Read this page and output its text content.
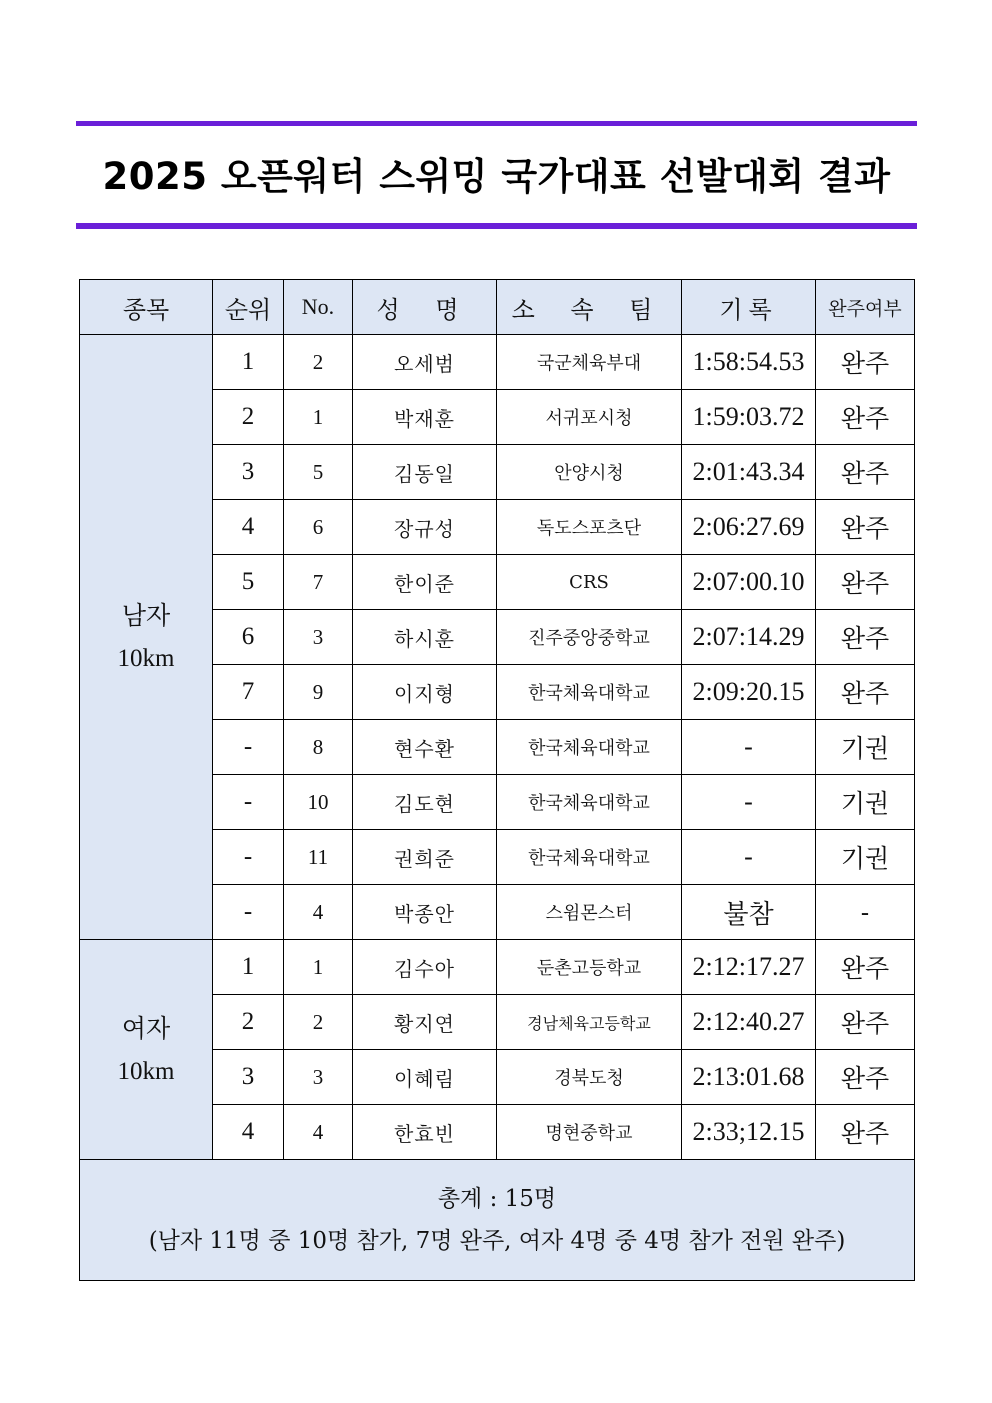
2025 오픈워터 스위밍 국가대표 선발대회 결과
종목	순위	No.	성 명	소 속 팀	기록	완주여부

남자
10km	1	2	오세범	국군체육부대	1:58:54.53	완주
	2	1	박재훈	서귀포시청	1:59:03.72	완주
	3	5	김동일	안양시청	2:01:43.34	완주
	4	6	장규성	독도스포츠단	2:06:27.69	완주
	5	7	한이준	CRS	2:07:00.10	완주
	6	3	하시훈	진주중앙중학교	2:07:14.29	완주
	7	9	이지형	한국체육대학교	2:09:20.15	완주
	-	8	현수환	한국체육대학교	-	기권
	-	10	김도현	한국체육대학교	-	기권
	-	11	권희준	한국체육대학교	-	기권
	-	4	박종안	스윔몬스터	불참	-

여자
10km	1	1	김수아	둔촌고등학교	2:12:17.27	완주
	2	2	황지연	경남체육고등학교	2:12:40.27	완주
	3	3	이혜림	경북도청	2:13:01.68	완주
	4	4	한효빈	명현중학교	2:33;12.15	완주

총계 : 15명
(남자 11명 중 10명 참가, 7명 완주, 여자 4명 중 4명 참가 전원 완주)						
